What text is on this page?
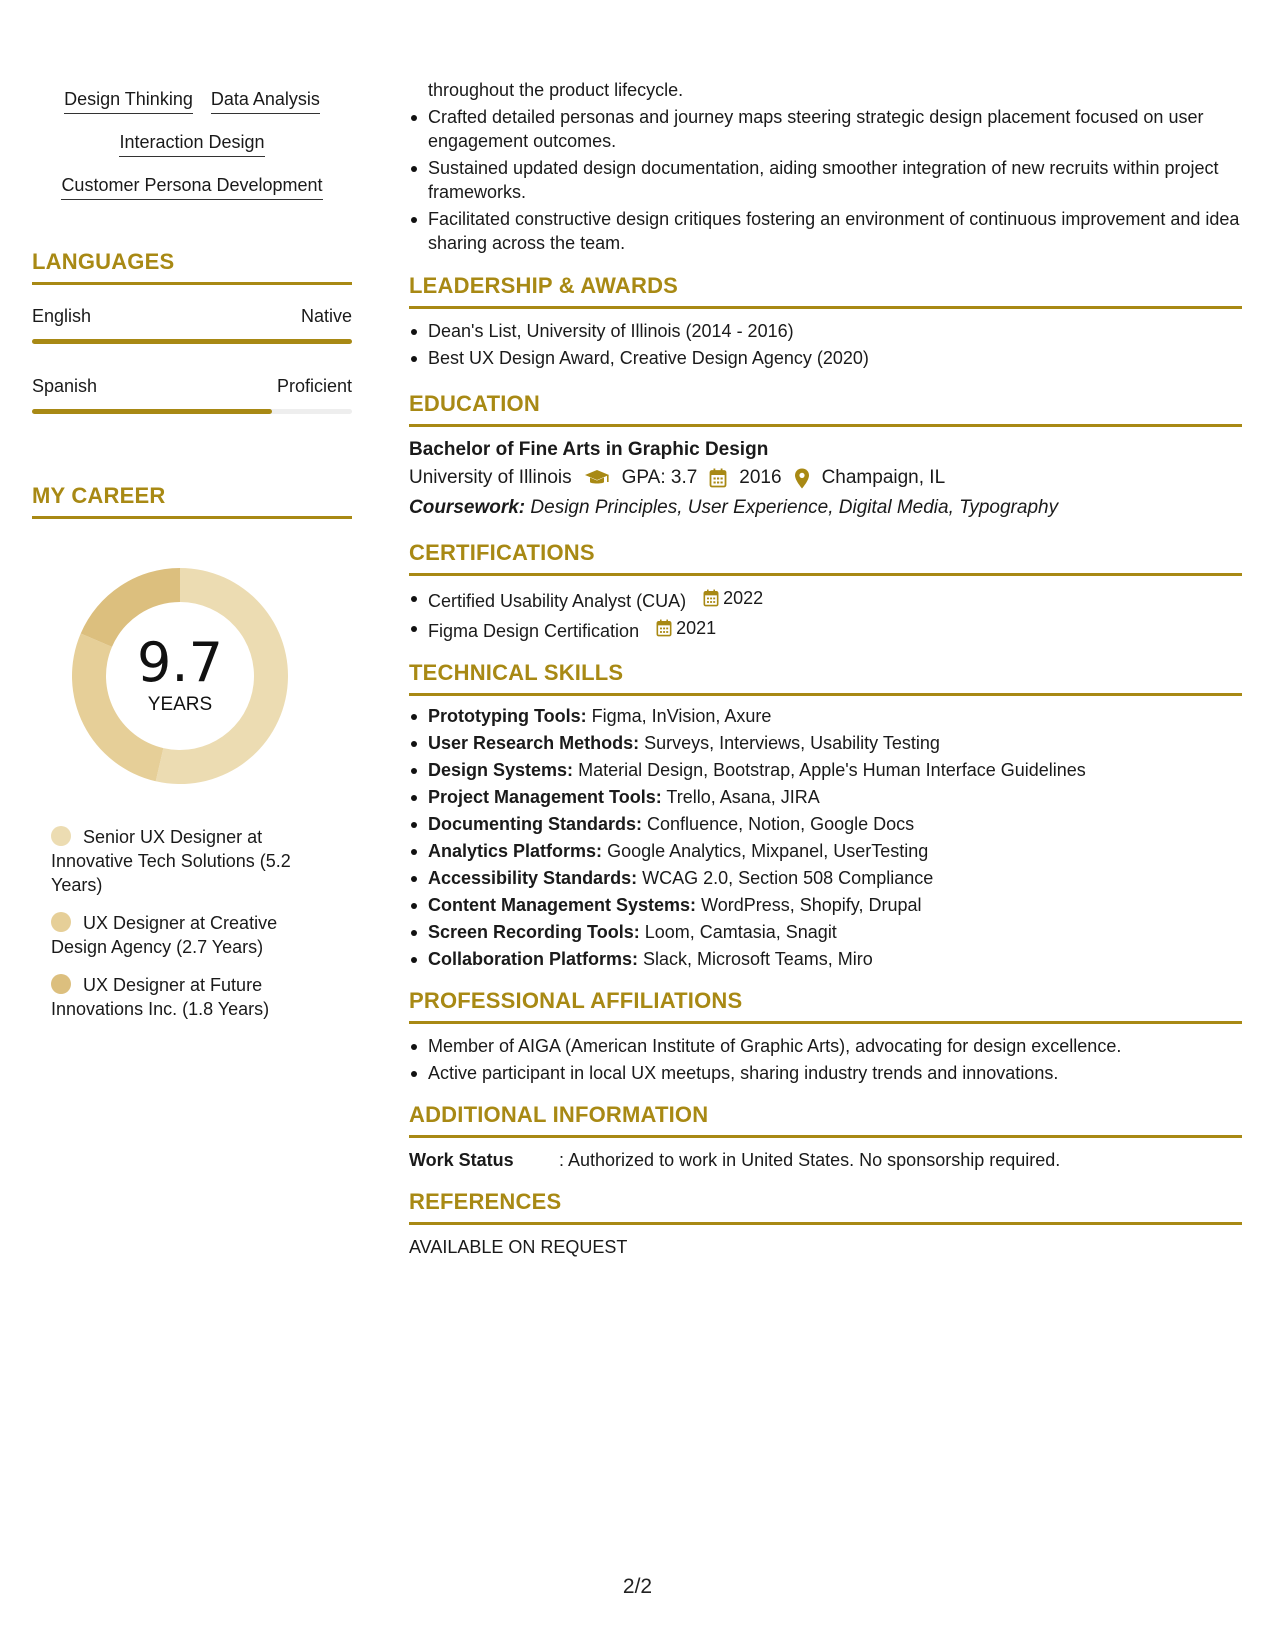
Design Thinking Data Analysis
Interaction Design
Customer Persona Development
LANGUAGES
English	Native
Spanish	Proficient
MY CAREER
9.7
YEARS
Senior UX Designer at Innovative Tech Solutions (5.2 Years)
UX Designer at Creative Design Agency (2.7 Years)
UX Designer at Future Innovations Inc. (1.8 Years)
throughout the product lifecycle.
Crafted detailed personas and journey maps steering strategic design placement focused on user engagement outcomes.
Sustained updated design documentation, aiding smoother integration of new recruits within project frameworks.
Facilitated constructive design critiques fostering an environment of continuous improvement and idea sharing across the team.
LEADERSHIP & AWARDS
Dean's List, University of Illinois (2014 - 2016)
Best UX Design Award, Creative Design Agency (2020)
EDUCATION
Bachelor of Fine Arts in Graphic Design
University of Illinois	GPA: 3.7 2016 Champaign, IL
Coursework: Design Principles, User Experience, Digital Media, Typography
CERTIFICATIONS
Certified Usability Analyst (CUA) 2022
Figma Design Certification 2021
TECHNICAL SKILLS
Prototyping Tools: Figma, InVision, Axure
User Research Methods: Surveys, Interviews, Usability Testing
Design Systems: Material Design, Bootstrap, Apple's Human Interface Guidelines
Project Management Tools: Trello, Asana, JIRA
Documenting Standards: Confluence, Notion, Google Docs
Analytics Platforms: Google Analytics, Mixpanel, UserTesting
Accessibility Standards: WCAG 2.0, Section 508 Compliance
Content Management Systems: WordPress, Shopify, Drupal
Screen Recording Tools: Loom, Camtasia, Snagit
Collaboration Platforms: Slack, Microsoft Teams, Miro
PROFESSIONAL AFFILIATIONS
Member of AIGA (American Institute of Graphic Arts), advocating for design excellence.
Active participant in local UX meetups, sharing industry trends and innovations.
ADDITIONAL INFORMATION
Work Status	: Authorized to work in United States. No sponsorship required.
REFERENCES
AVAILABLE ON REQUEST
2/2
